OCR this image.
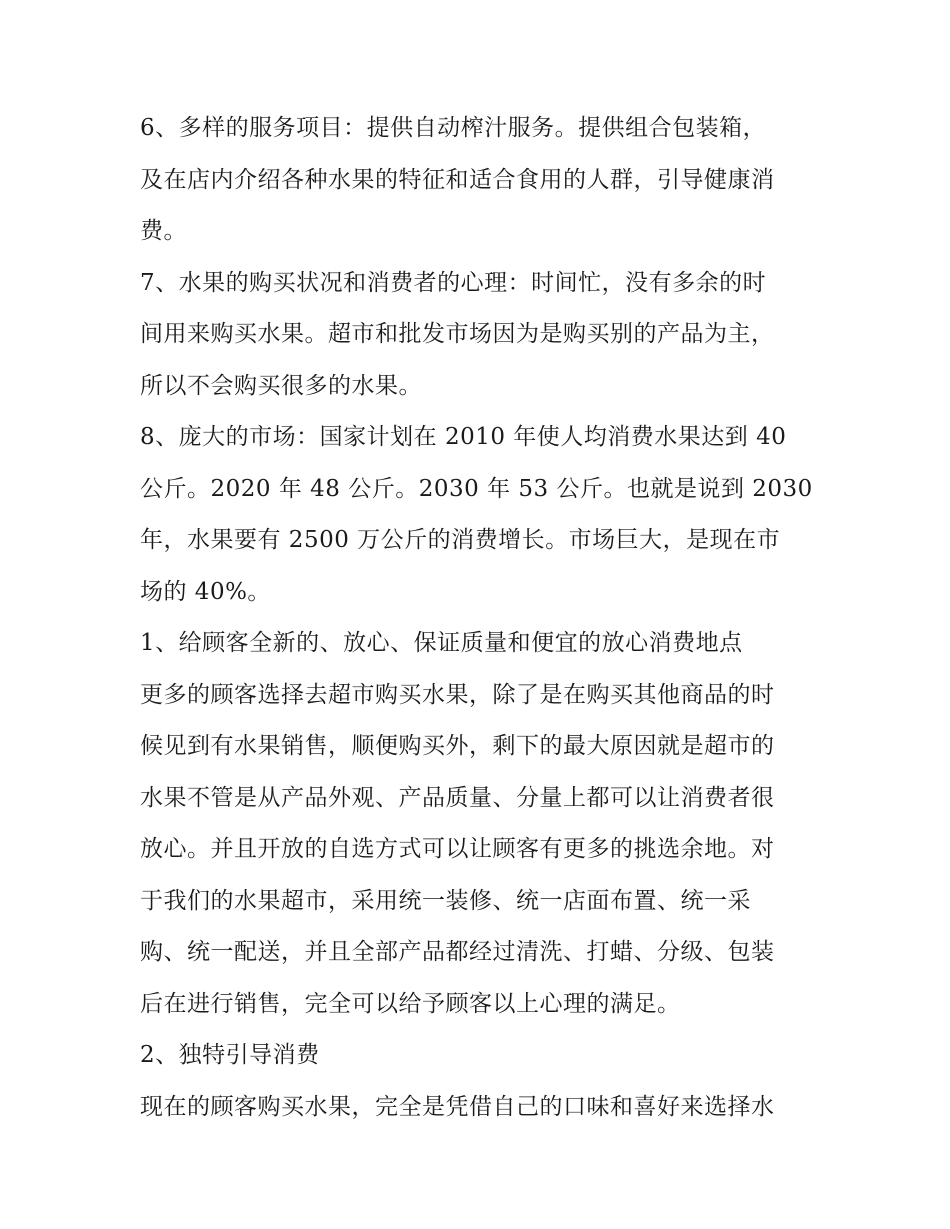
6、多样的服务项目：提供自动榨汁服务。提供组合包装箱，
及在店内介绍各种水果的特征和适合食用的人群，引导健康消
费。

7、水果的购买状况和消费者的心理：时间忙，没有多余的时
间用来购买水果。超市和批发市场因为是购买别的产品为主，
所以不会购买很多的水果。

8、庞大的市场：国家计划在 2010 年使人均消费水果达到 40
公斤。2020 年 48 公斤。2030 年 53 公斤。也就是说到 2030
年，水果要有 2500 万公斤的消费增长。市场巨大，是现在市
场的 40%。

1、给顾客全新的、放心、保证质量和便宜的放心消费地点

更多的顾客选择去超市购买水果，除了是在购买其他商品的时
候见到有水果销售，顺便购买外，剩下的最大原因就是超市的
水果不管是从产品外观、产品质量、分量上都可以让消费者很
放心。并且开放的自选方式可以让顾客有更多的挑选余地。对
于我们的水果超市，采用统一装修、统一店面布置、统一采
购、统一配送，并且全部产品都经过清洗、打蜡、分级、包装
后在进行销售，完全可以给予顾客以上心理的满足。

2、独特引导消费

现在的顾客购买水果，完全是凭借自己的口味和喜好来选择水
